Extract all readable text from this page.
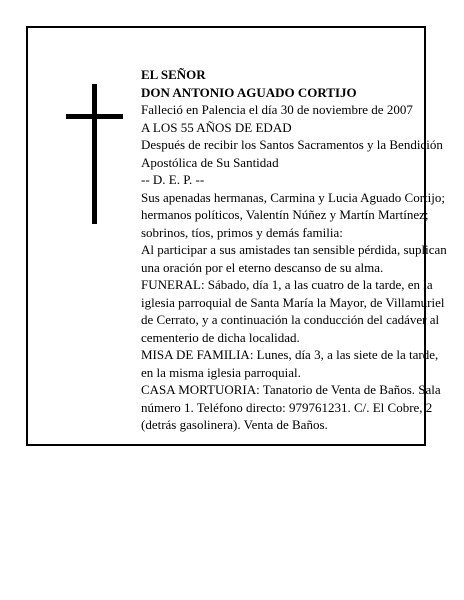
EL SEÑOR

DON ANTONIO AGUADO CORTIJO

Falleció en Palencia el día 30 de noviembre de 2007

A LOS 55 AÑOS DE EDAD

Después de recibir los Santos Sacramentos y la Bendición Apostólica de Su Santidad

-- D. E. P. --

Sus apenadas hermanas, Carmina y Lucia Aguado Cortijo; hermanos políticos, Valentín Núñez y Martín Martínez; sobrinos, tíos, primos y demás familia:

Al participar a sus amistades tan sensible pérdida, suplican una oración por el eterno descanso de su alma.

FUNERAL: Sábado, día 1, a las cuatro de la tarde, en la iglesia parroquial de Santa María la Mayor, de Villamuriel de Cerrato, y a continuación la conducción del cadáver al cementerio de dicha localidad.

MISA DE FAMILIA: Lunes, día 3, a las siete de la tarde, en la misma iglesia parroquial.

CASA MORTUORIA: Tanatorio de Venta de Baños. Sala número 1. Teléfono directo: 979761231. C/. El Cobre, 2 (detrás gasolinera). Venta de Baños.
